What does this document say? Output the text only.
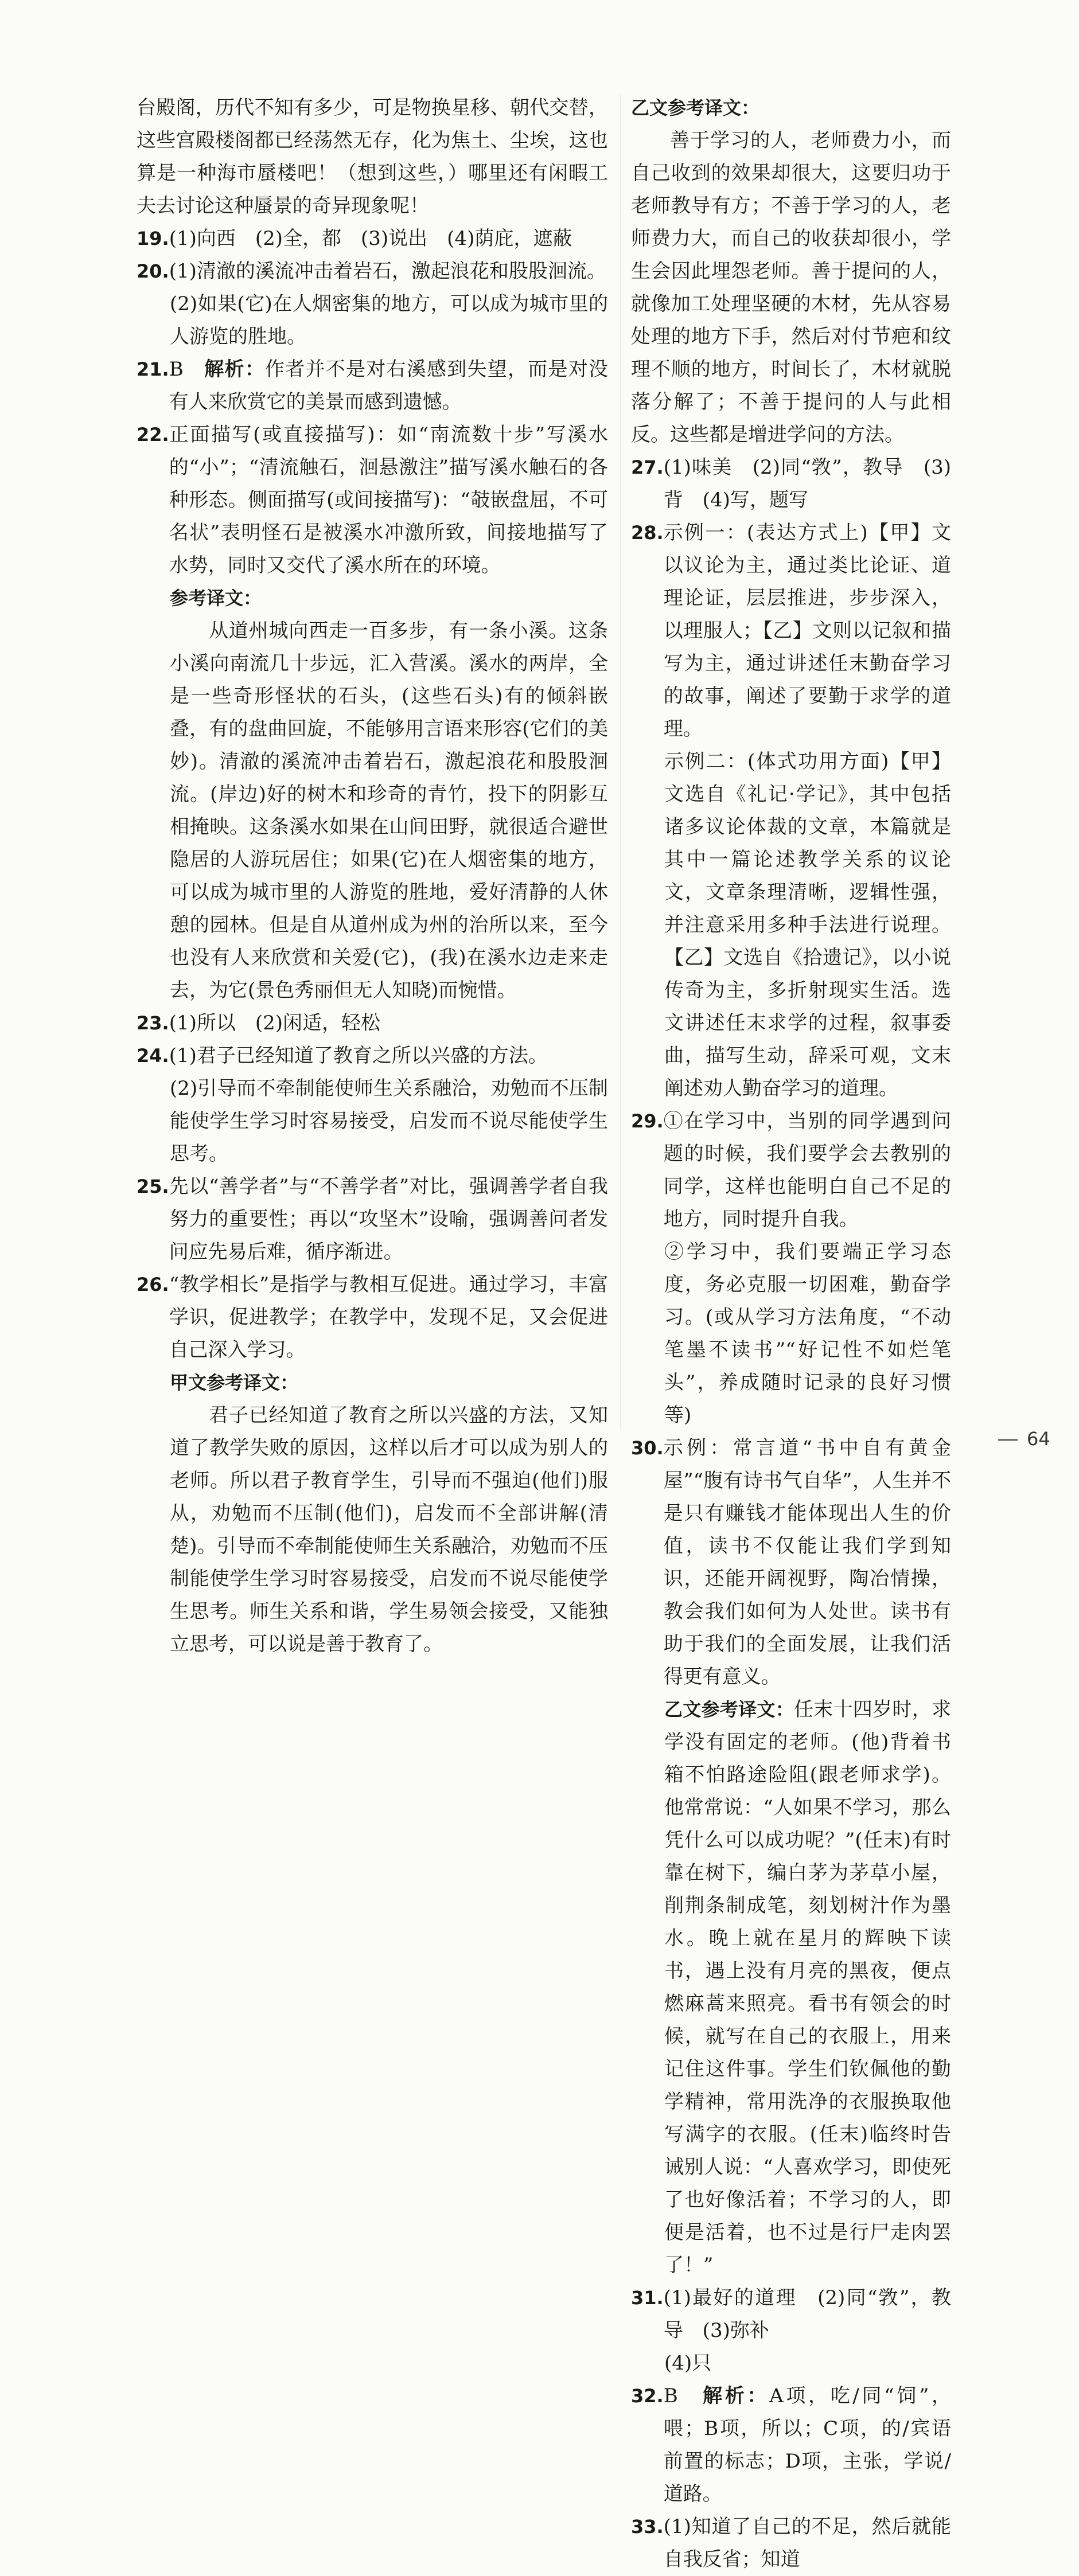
台殿阁，历代不知有多少，可是物换星移、朝代交替，这些宫殿楼阁都已经荡然无存，化为焦土、尘埃，这也算是一种海市蜃楼吧！（想到这些，）哪里还有闲暇工夫去讨论这种蜃景的奇异现象呢！

19. (1)向西　(2)全，都　(3)说出　(4)荫庇，遮蔽
20. (1)清澈的溪流冲击着岩石，激起浪花和股股洄流。

(2)如果(它)在人烟密集的地方，可以成为城市里的人游览的胜地。

21. B　 解析：作者并不是对右溪感到失望，而是对没有人来欣赏它的美景而感到遗憾。
22. 正面描写(或直接描写)：如“南流数十步”写溪水的“小”；“清流触石，洄悬激注”描写溪水触石的各种形态。侧面描写(或间接描写)：“攲嵌盘屈，不可名状”表明怪石是被溪水冲激所致，间接地描写了水势，同时又交代了溪水所在的环境。

参考译文：

从道州城向西走一百多步，有一条小溪。这条小溪向南流几十步远，汇入营溪。溪水的两岸，全是一些奇形怪状的石头，(这些石头)有的倾斜嵌叠，有的盘曲回旋，不能够用言语来形容(它们的美妙)。清澈的溪流冲击着岩石，激起浪花和股股洄流。(岸边)好的树木和珍奇的青竹，投下的阴影互相掩映。这条溪水如果在山间田野，就很适合避世隐居的人游玩居住；如果(它)在人烟密集的地方，可以成为城市里的人游览的胜地，爱好清静的人休憩的园林。但是自从道州成为州的治所以来，至今也没有人来欣赏和关爱(它)，(我)在溪水边走来走去，为它(景色秀丽但无人知晓)而惋惜。

23. (1)所以　(2)闲适，轻松
24. (1)君子已经知道了教育之所以兴盛的方法。

(2)引导而不牵制能使师生关系融洽，劝勉而不压制能使学生学习时容易接受，启发而不说尽能使学生思考。

25. 先以“善学者”与“不善学者”对比，强调善学者自我努力的重要性；再以“攻坚木”设喻，强调善问者发问应先易后难，循序渐进。
26. “教学相长”是指学与教相互促进。通过学习，丰富学识，促进教学；在教学中，发现不足，又会促进自己深入学习。

甲文参考译文：

君子已经知道了教育之所以兴盛的方法，又知道了教学失败的原因，这样以后才可以成为别人的老师。所以君子教育学生，引导而不强迫(他们)服从，劝勉而不压制(他们)，启发而不全部讲解(清楚)。引导而不牵制能使师生关系融洽，劝勉而不压制能使学生学习时容易接受，启发而不说尽能使学生思考。师生关系和谐，学生易领会接受，又能独立思考，可以说是善于教育了。

乙文参考译文：

善于学习的人，老师费力小，而自己收到的效果却很大，这要归功于老师教导有方；不善于学习的人，老师费力大，而自己的收获却很小，学生会因此埋怨老师。善于提问的人，就像加工处理坚硬的木材，先从容易处理的地方下手，然后对付节疤和纹理不顺的地方，时间长了，木材就脱落分解了；不善于提问的人与此相反。这些都是增进学问的方法。

27. (1)味美　(2)同“敩”，教导　(3)背　(4)写，题写
28. 示例一：(表达方式上)【甲】文以议论为主，通过类比论证、道理论证，层层推进，步步深入，以理服人；【乙】文则以记叙和描写为主，通过讲述任末勤奋学习的故事，阐述了要勤于求学的道理。

示例二：(体式功用方面)【甲】文选自《礼记·学记》，其中包括诸多议论体裁的文章，本篇就是其中一篇论述教学关系的议论文，文章条理清晰，逻辑性强，并注意采用多种手法进行说理。【乙】文选自《拾遗记》，以小说传奇为主，多折射现实生活。选文讲述任末求学的过程，叙事委曲，描写生动，辞采可观，文末阐述劝人勤奋学习的道理。

29. ①在学习中，当别的同学遇到问题的时候，我们要学会去教别的同学，这样也能明白自己不足的地方，同时提升自我。

②学习中，我们要端正学习态度，务必克服一切困难，勤奋学习。(或从学习方法角度，“不动笔墨不读书”“好记性不如烂笔头”，养成随时记录的良好习惯等)

30. 示例：常言道“书中自有黄金屋”“腹有诗书气自华”，人生并不是只有赚钱才能体现出人生的价值，读书不仅能让我们学到知识，还能开阔视野，陶冶情操，教会我们如何为人处世。读书有助于我们的全面发展，让我们活得更有意义。

乙文参考译文：任末十四岁时，求学没有固定的老师。(他)背着书箱不怕路途险阻(跟老师求学)。他常常说：“人如果不学习，那么凭什么可以成功呢？”(任末)有时靠在树下，编白茅为茅草小屋，削荆条制成笔，刻划树汁作为墨水。晚上就在星月的辉映下读书，遇上没有月亮的黑夜，便点燃麻蒿来照亮。看书有领会的时候，就写在自己的衣服上，用来记住这件事。学生们钦佩他的勤学精神，常用洗净的衣服换取他写满字的衣服。(任末)临终时告诫别人说：“人喜欢学习，即使死了也好像活着；不学习的人，即便是活着，也不过是行尸走肉罢了！”

31. (1)最好的道理　(2)同“敩”，教导　(3)弥补

(4)只

32. B　 解析：A项，吃/同“饲”，喂；B项，所以；C项，的/宾语前置的标志；D项，主张，学说/道路。
33. (1)知道了自己的不足，然后就能自我反省；知道
64
